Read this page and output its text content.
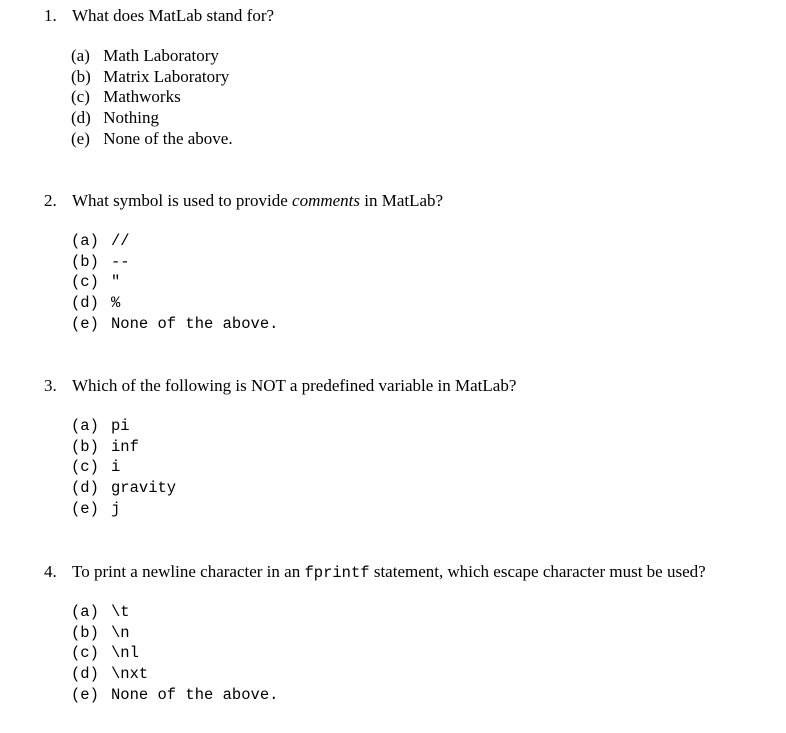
1. What does MatLab stand for?
(a) Math Laboratory
(b) Matrix Laboratory
(c) Mathworks
(d) Nothing
(e) None of the above.
2. What symbol is used to provide comments in MatLab?
(a) //
(b) --
(c) "
(d) %
(e) None of the above.
3. Which of the following is NOT a predefined variable in MatLab?
(a) pi
(b) inf
(c) i
(d) gravity
(e) j
4. To print a newline character in an fprintf statement, which escape character must be used?
(a) \t
(b) \n
(c) \nl
(d) \nxt
(e) None of the above.
